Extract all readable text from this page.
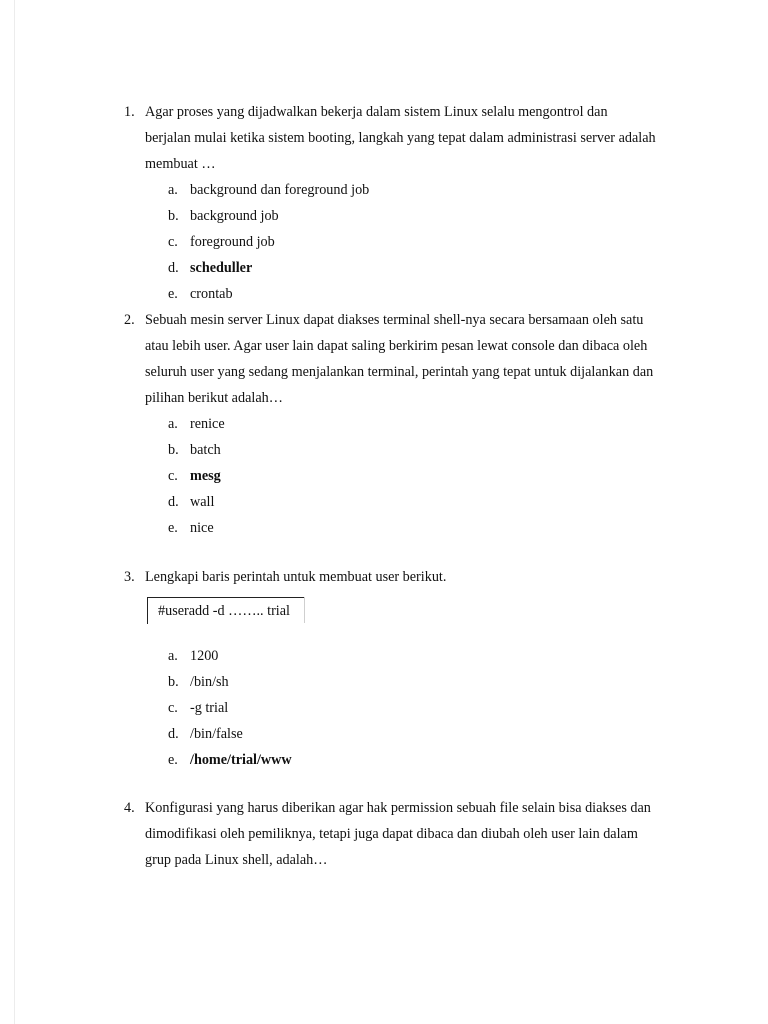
1. Agar proses yang dijadwalkan bekerja dalam sistem Linux selalu mengontrol dan
berjalan mulai ketika sistem booting, langkah yang tepat dalam administrasi server adalah
membuat …
a. background dan foreground job
b. background job
c. foreground job
d. scheduller
e. crontab
2. Sebuah mesin server Linux dapat diakses terminal shell-nya secara bersamaan oleh satu
atau lebih user. Agar user lain dapat saling berkirim pesan lewat console dan dibaca oleh
seluruh user yang sedang menjalankan terminal, perintah yang tepat untuk dijalankan dan
pilihan berikut adalah…
a. renice
b. batch
c. mesg
d. wall
e. nice
3. Lengkapi baris perintah untuk membuat user berikut.
#useradd -d …….. trial
a. 1200
b. /bin/sh
c. -g trial
d. /bin/false
e. /home/trial/www
4. Konfigurasi yang harus diberikan agar hak permission sebuah file selain bisa diakses dan
dimodifikasi oleh pemiliknya, tetapi juga dapat dibaca dan diubah oleh user lain dalam
grup pada Linux shell, adalah…
